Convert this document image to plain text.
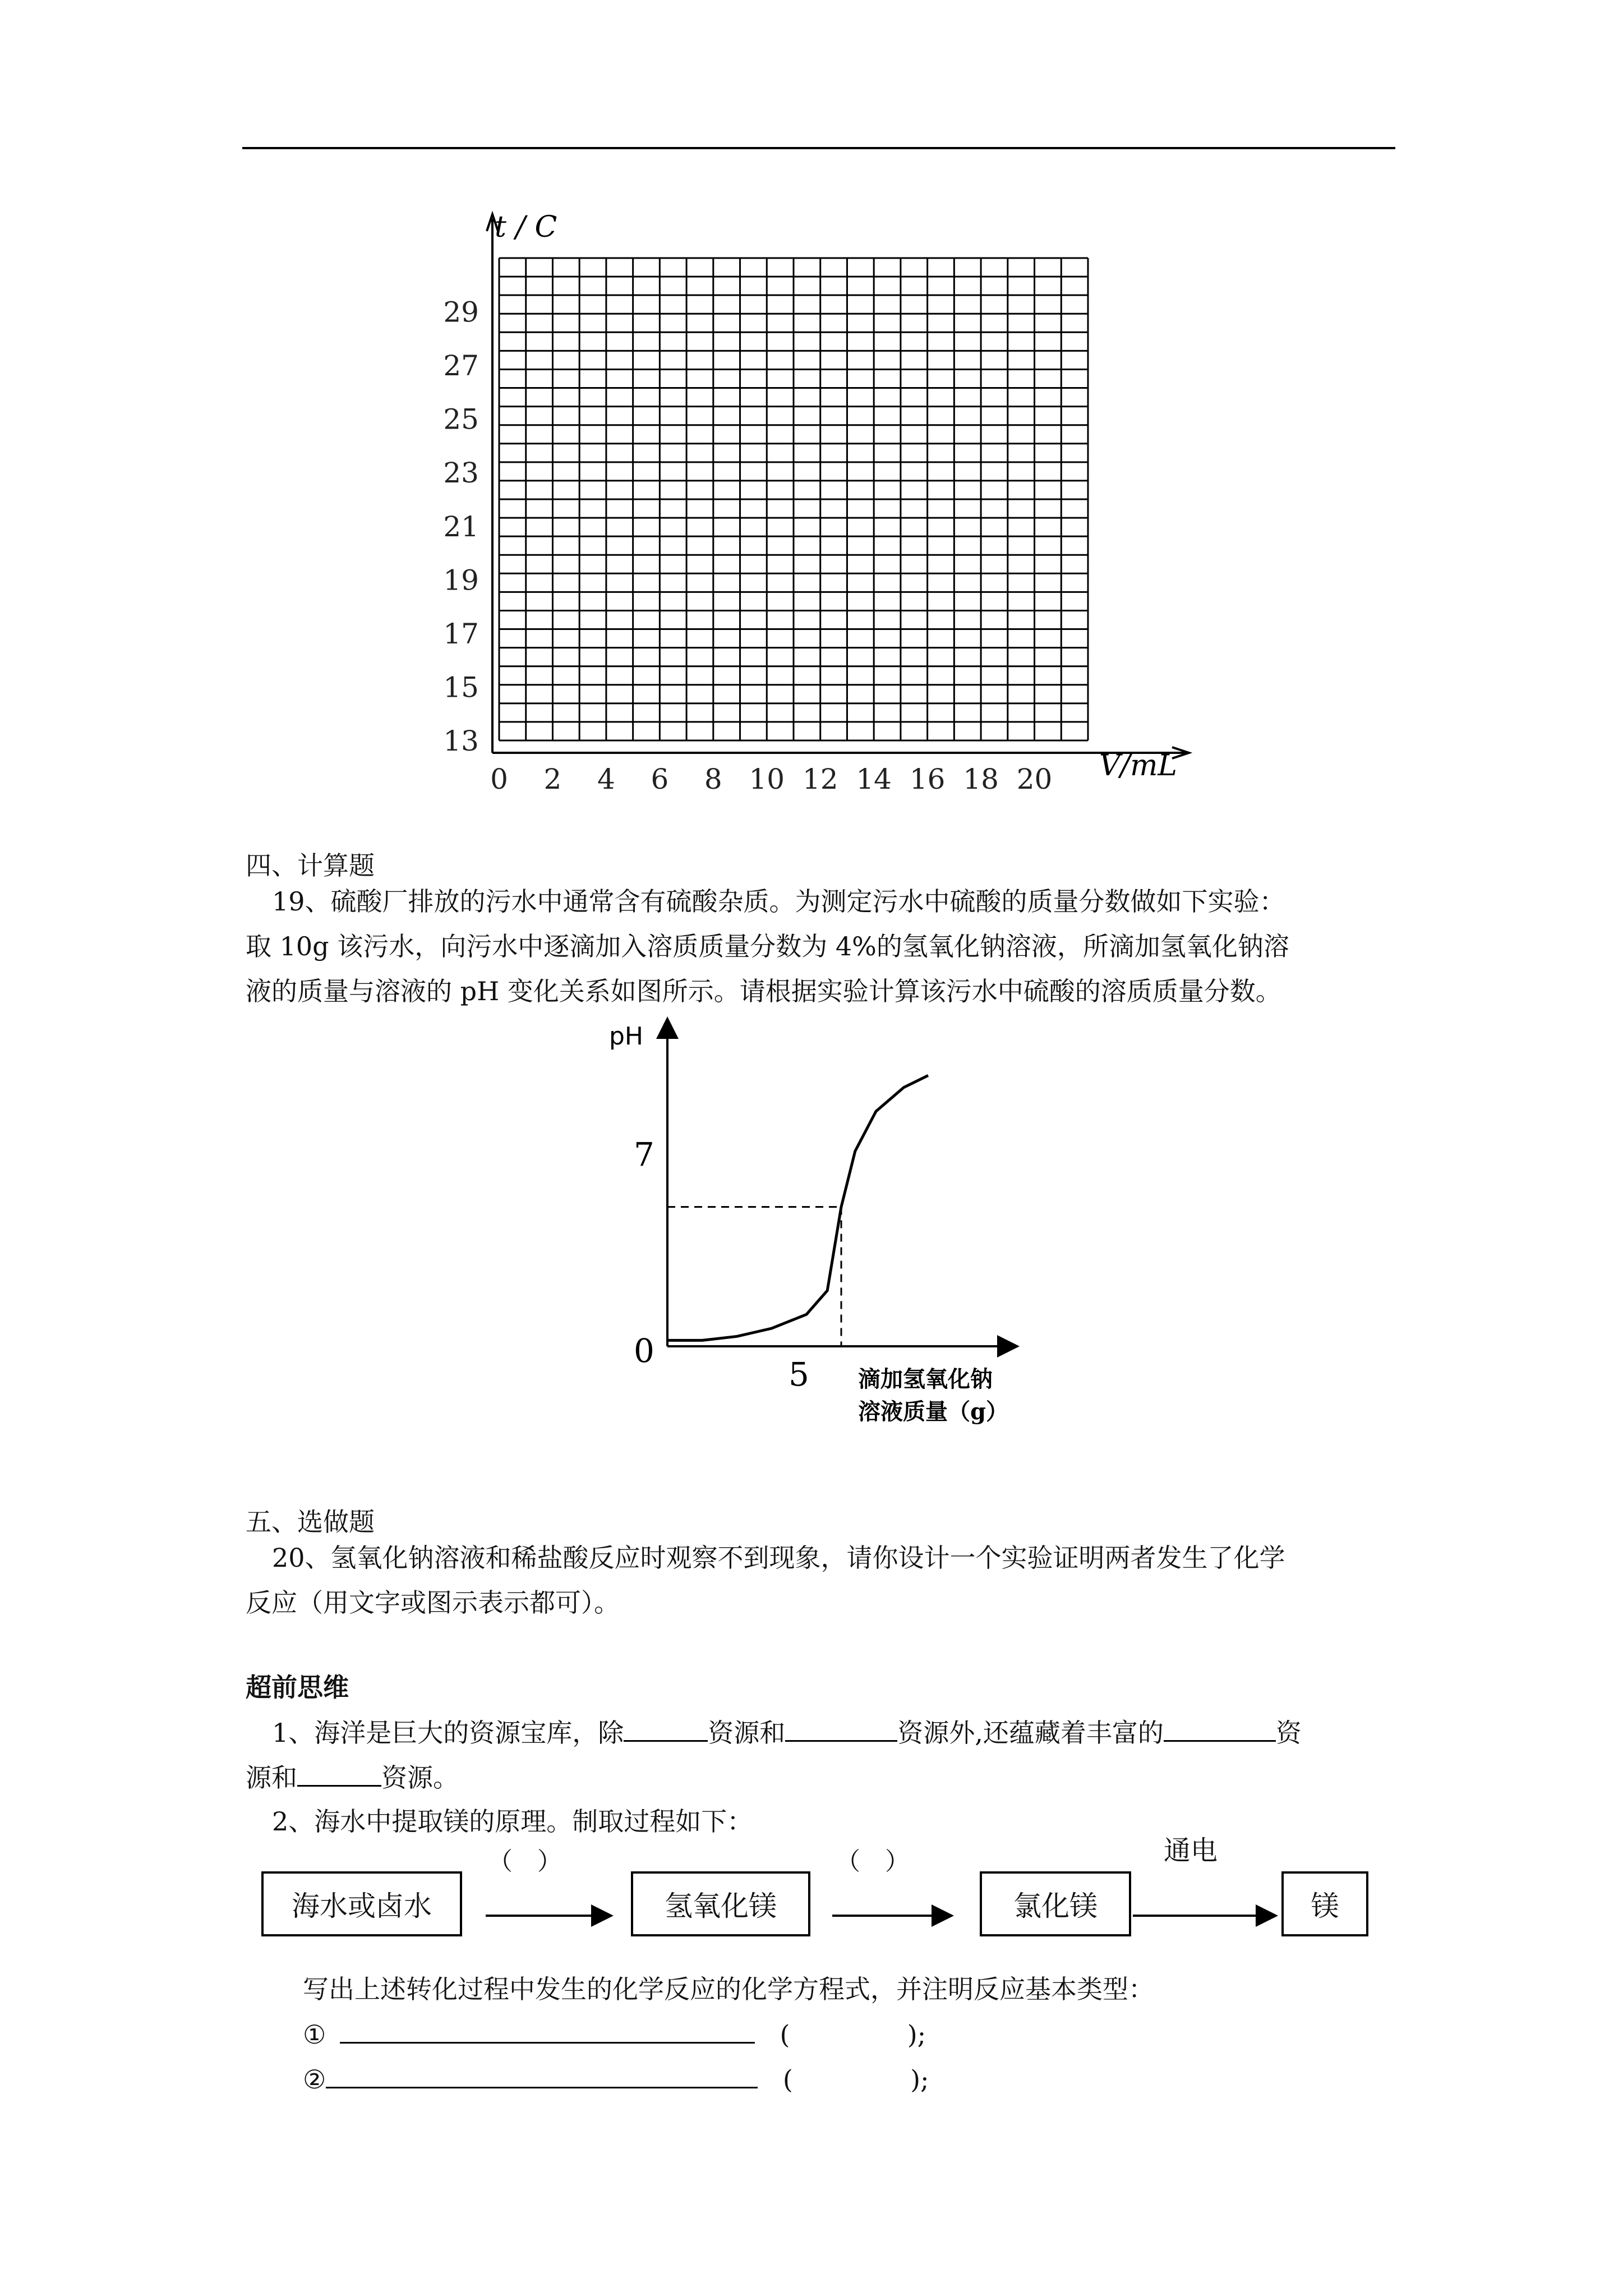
0 2 4 6 8 10 12 14 16 18 20
13
15
17
19
21
23
25
27
29
t / C
V/mL
四、计算题
19、硫酸厂排放的污水中通常含有硫酸杂质。为测定污水中硫酸的质量分数做如下实验：
取 10g 该污水，向污水中逐滴加入溶质质量分数为 4%的氢氧化钠溶液，所滴加氢氧化钠溶
液的质量与溶液的 pH 变化关系如图所示。请根据实验计算该污水中硫酸的溶质质量分数。
pH
0
7
5 滴加氢氧化钠
溶液质量（g）
五、选做题
20、氢氧化钠溶液和稀盐酸反应时观察不到现象，请你设计一个实验证明两者发生了化学
反应（用文字或图示表示都可）。
超前思维
1、海洋是巨大的资源宝库，除	资源和	资源外,还蕴藏着丰富的	资
源和	资源。
2、海水中提取镁的原理。制取过程如下：
海水或卤水	氢氧化镁	氯化镁	镁
（　）	（　）	通电
写出上述转化过程中发生的化学反应的化学方程式，并注明反应基本类型：
①	(	);
②	(	);
